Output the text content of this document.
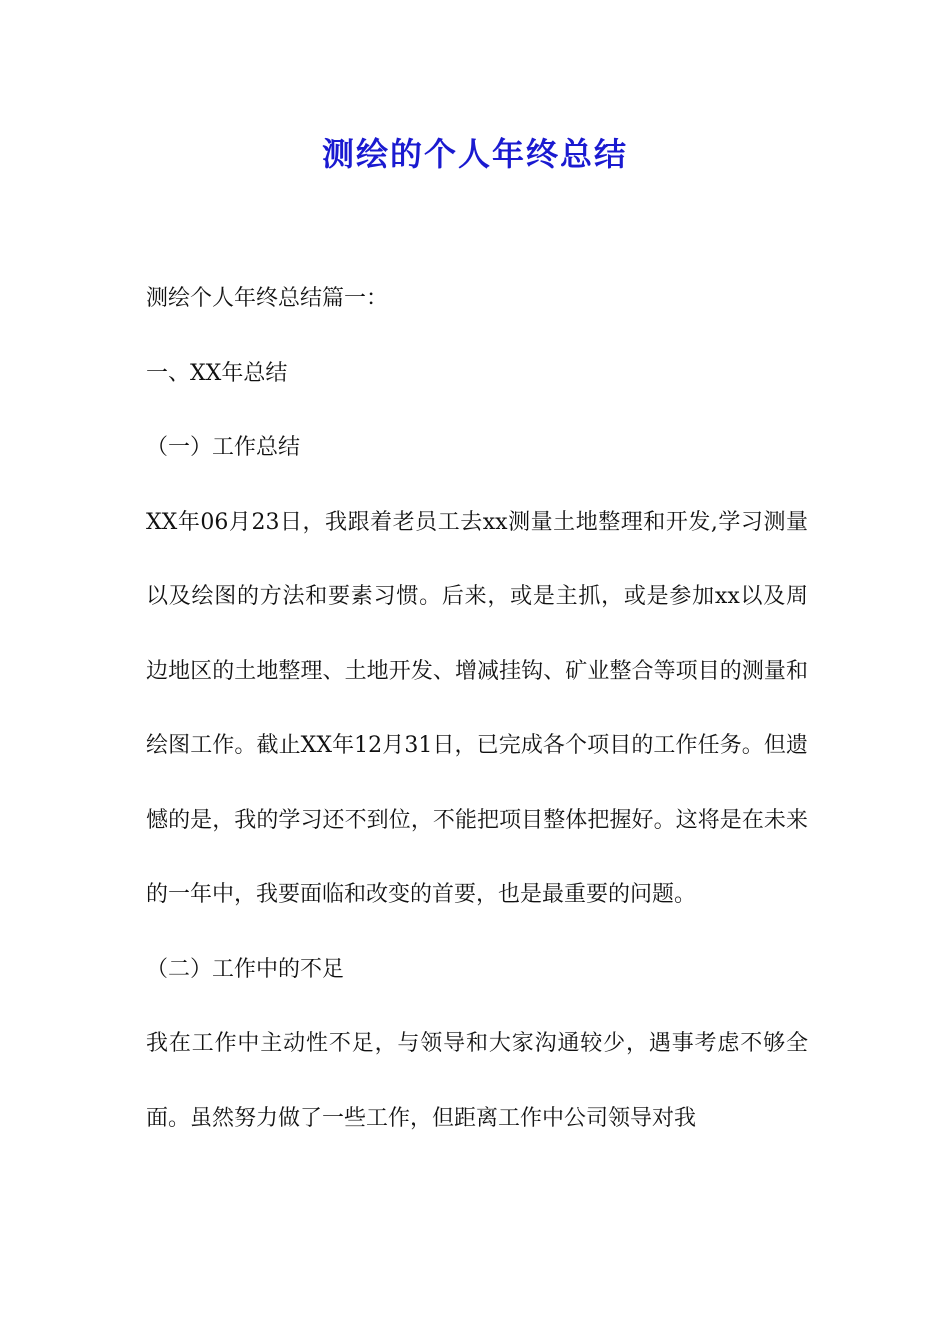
测绘的个人年终总结

测绘个人年终总结篇一：

一、XX年总结

（一）工作总结

XX年06月23日，我跟着老员工去xx测量土地整理和开发,学习测量以及绘图的方法和要素习惯。后来，或是主抓，或是参加xx以及周边地区的土地整理、土地开发、增减挂钩、矿业整合等项目的测量和绘图工作。截止XX年12月31日，已完成各个项目的工作任务。但遗憾的是，我的学习还不到位，不能把项目整体把握好。这将是在未来的一年中，我要面临和改变的首要，也是最重要的问题。

（二）工作中的不足

我在工作中主动性不足，与领导和大家沟通较少，遇事考虑不够全面。虽然努力做了一些工作，但距离工作中公司领导对我
